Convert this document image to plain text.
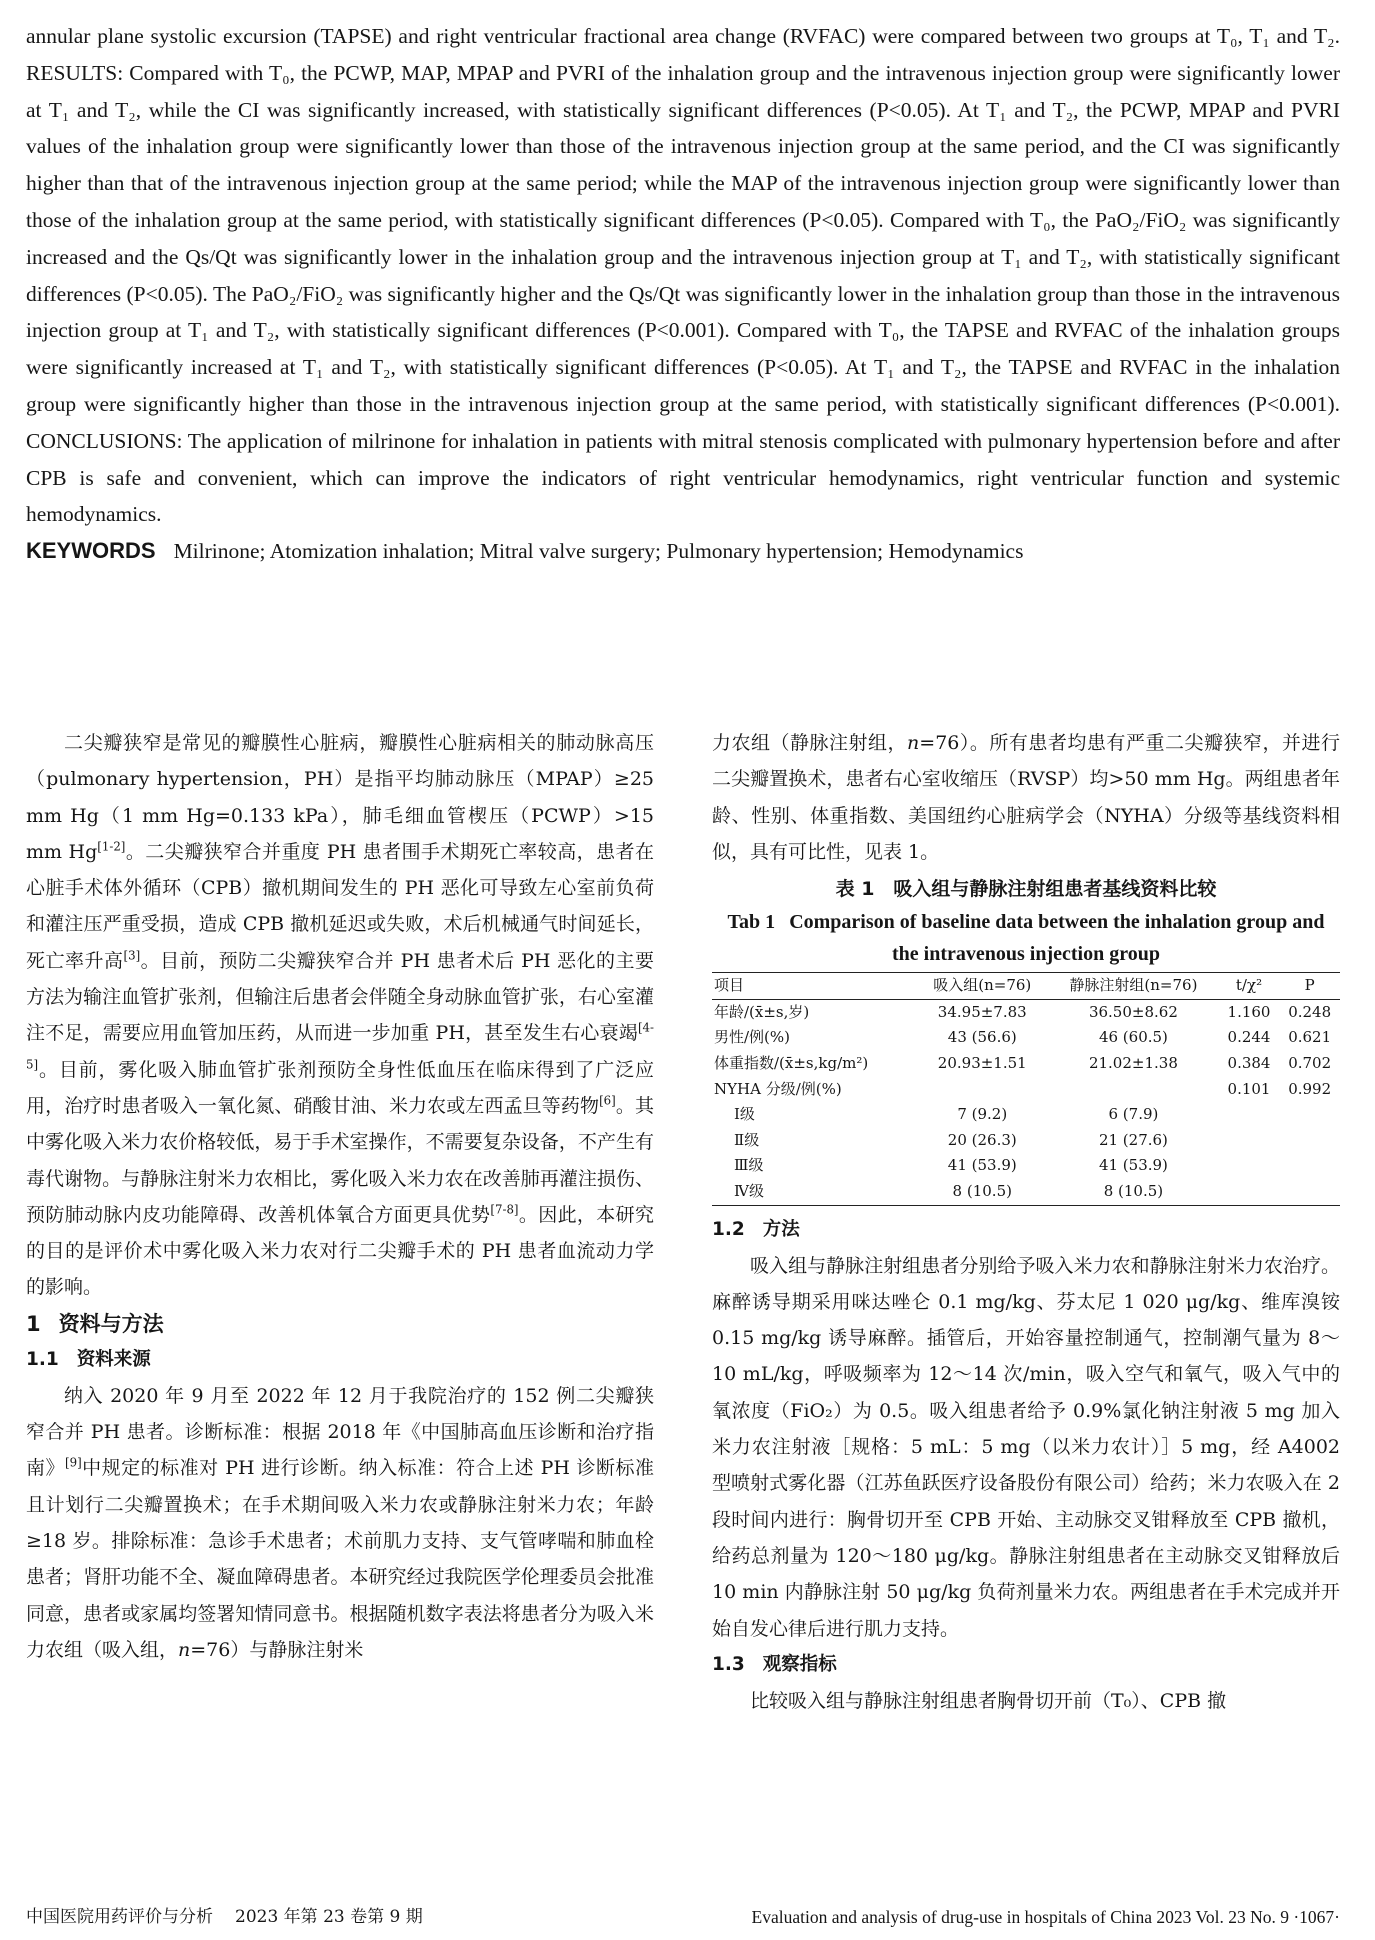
annular plane systolic excursion (TAPSE) and right ventricular fractional area change (RVFAC) were compared between two groups at T₀, T₁ and T₂. RESULTS: Compared with T₀, the PCWP, MAP, MPAP and PVRI of the inhalation group and the intravenous injection group were significantly lower at T₁ and T₂, while the CI was significantly increased, with statistically significant differences (P<0.05). At T₁ and T₂, the PCWP, MPAP and PVRI values of the inhalation group were significantly lower than those of the intravenous injection group at the same period, and the CI was significantly higher than that of the intravenous injection group at the same period; while the MAP of the intravenous injection group were significantly lower than those of the inhalation group at the same period, with statistically significant differences (P<0.05). Compared with T₀, the PaO₂/FiO₂ was significantly increased and the Qs/Qt was significantly lower in the inhalation group and the intravenous injection group at T₁ and T₂, with statistically significant differences (P<0.05). The PaO₂/FiO₂ was significantly higher and the Qs/Qt was significantly lower in the inhalation group than those in the intravenous injection group at T₁ and T₂, with statistically significant differences (P<0.001). Compared with T₀, the TAPSE and RVFAC of the inhalation groups were significantly increased at T₁ and T₂, with statistically significant differences (P<0.05). At T₁ and T₂, the TAPSE and RVFAC in the inhalation group were significantly higher than those in the intravenous injection group at the same period, with statistically significant differences (P<0.001). CONCLUSIONS: The application of milrinone for inhalation in patients with mitral stenosis complicated with pulmonary hypertension before and after CPB is safe and convenient, which can improve the indicators of right ventricular hemodynamics, right ventricular function and systemic hemodynamics.

KEYWORDS Milrinone; Atomization inhalation; Mitral valve surgery; Pulmonary hypertension; Hemodynamics

二尖瓣狭窄是常见的瓣膜性心脏病，瓣膜性心脏病相关的肺动脉高压（pulmonary hypertension，PH）是指平均肺动脉压（MPAP）≥25 mm Hg（1 mm Hg=0.133 kPa），肺毛细血管楔压（PCWP）>15 mm Hg[1-2]。二尖瓣狭窄合并重度 PH 患者围手术期死亡率较高，患者在心脏手术体外循环（CPB）撤机期间发生的 PH 恶化可导致左心室前负荷和灌注压严重受损，造成 CPB 撤机延迟或失败，术后机械通气时间延长，死亡率升高[3]。目前，预防二尖瓣狭窄合并 PH 患者术后 PH 恶化的主要方法为输注血管扩张剂，但输注后患者会伴随全身动脉血管扩张，右心室灌注不足，需要应用血管加压药，从而进一步加重 PH，甚至发生右心衰竭[4-5]。目前，雾化吸入肺血管扩张剂预防全身性低血压在临床得到了广泛应用，治疗时患者吸入一氧化氮、硝酸甘油、米力农或左西孟旦等药物[6]。其中雾化吸入米力农价格较低，易于手术室操作，不需要复杂设备，不产生有毒代谢物。与静脉注射米力农相比，雾化吸入米力农在改善肺再灌注损伤、预防肺动脉内皮功能障碍、改善机体氧合方面更具优势[7-8]。因此，本研究的目的是评价术中雾化吸入米力农对行二尖瓣手术的 PH 患者血流动力学的影响。

1 资料与方法
1.1 资料来源

纳入 2020 年 9 月至 2022 年 12 月于我院治疗的 152 例二尖瓣狭窄合并 PH 患者。诊断标准：根据 2018 年《中国肺高血压诊断和治疗指南》[9]中规定的标准对 PH 进行诊断。纳入标准：符合上述 PH 诊断标准且计划行二尖瓣置换术；在手术期间吸入米力农或静脉注射米力农；年龄≥18 岁。排除标准：急诊手术患者；术前肌力支持、支气管哮喘和肺血栓患者；肾肝功能不全、凝血障碍患者。本研究经过我院医学伦理委员会批准同意，患者或家属均签署知情同意书。根据随机数字表法将患者分为吸入米力农组（吸入组，n=76）与静脉注射米

力农组（静脉注射组，n=76）。所有患者均患有严重二尖瓣狭窄，并进行二尖瓣置换术，患者右心室收缩压（RVSP）均>50 mm Hg。两组患者年龄、性别、体重指数、美国纽约心脏病学会（NYHA）分级等基线资料相似，具有可比性，见表 1。

表 1　吸入组与静脉注射组患者基线资料比较
Tab 1 Comparison of baseline data between the inhalation group and the intravenous injection group
项目	吸入组(n=76)	静脉注射组(n=76)	t/χ²	P
年龄/(x̄±s,岁)	34.95±7.83	36.50±8.62	1.160	0.248
男性/例(%)	43 (56.6)	46 (60.5)	0.244	0.621
体重指数/(x̄±s,kg/m²)	20.93±1.51	21.02±1.38	0.384	0.702
NYHA 分级/例(%)			0.101	0.992
Ⅰ级	7 (9.2)	6 (7.9)		
Ⅱ级	20 (26.3)	21 (27.6)		
Ⅲ级	41 (53.9)	41 (53.9)		
Ⅳ级	8 (10.5)	8 (10.5)		
1.2 方法

吸入组与静脉注射组患者分别给予吸入米力农和静脉注射米力农治疗。麻醉诱导期采用咪达唑仑 0.1 mg/kg、芬太尼 1 020 μg/kg、维库溴铵 0.15 mg/kg 诱导麻醉。插管后，开始容量控制通气，控制潮气量为 8～10 mL/kg，呼吸频率为 12～14 次/min，吸入空气和氧气，吸入气中的氧浓度（FiO₂）为 0.5。吸入组患者给予 0.9%氯化钠注射液 5 mg 加入米力农注射液［规格：5 mL：5 mg（以米力农计）］5 mg，经 A4002 型喷射式雾化器（江苏鱼跃医疗设备股份有限公司）给药；米力农吸入在 2 段时间内进行：胸骨切开至 CPB 开始、主动脉交叉钳释放至 CPB 撤机，给药总剂量为 120～180 μg/kg。静脉注射组患者在主动脉交叉钳释放后 10 min 内静脉注射 50 μg/kg 负荷剂量米力农。两组患者在手术完成并开始自发心律后进行肌力支持。

1.3 观察指标

比较吸入组与静脉注射组患者胸骨切开前（T₀）、CPB 撤

中国医院用药评价与分析 2023 年第 23 卷第 9 期	Evaluation and analysis of drug-use in hospitals of China 2023 Vol. 23 No. 9 ·1067·
